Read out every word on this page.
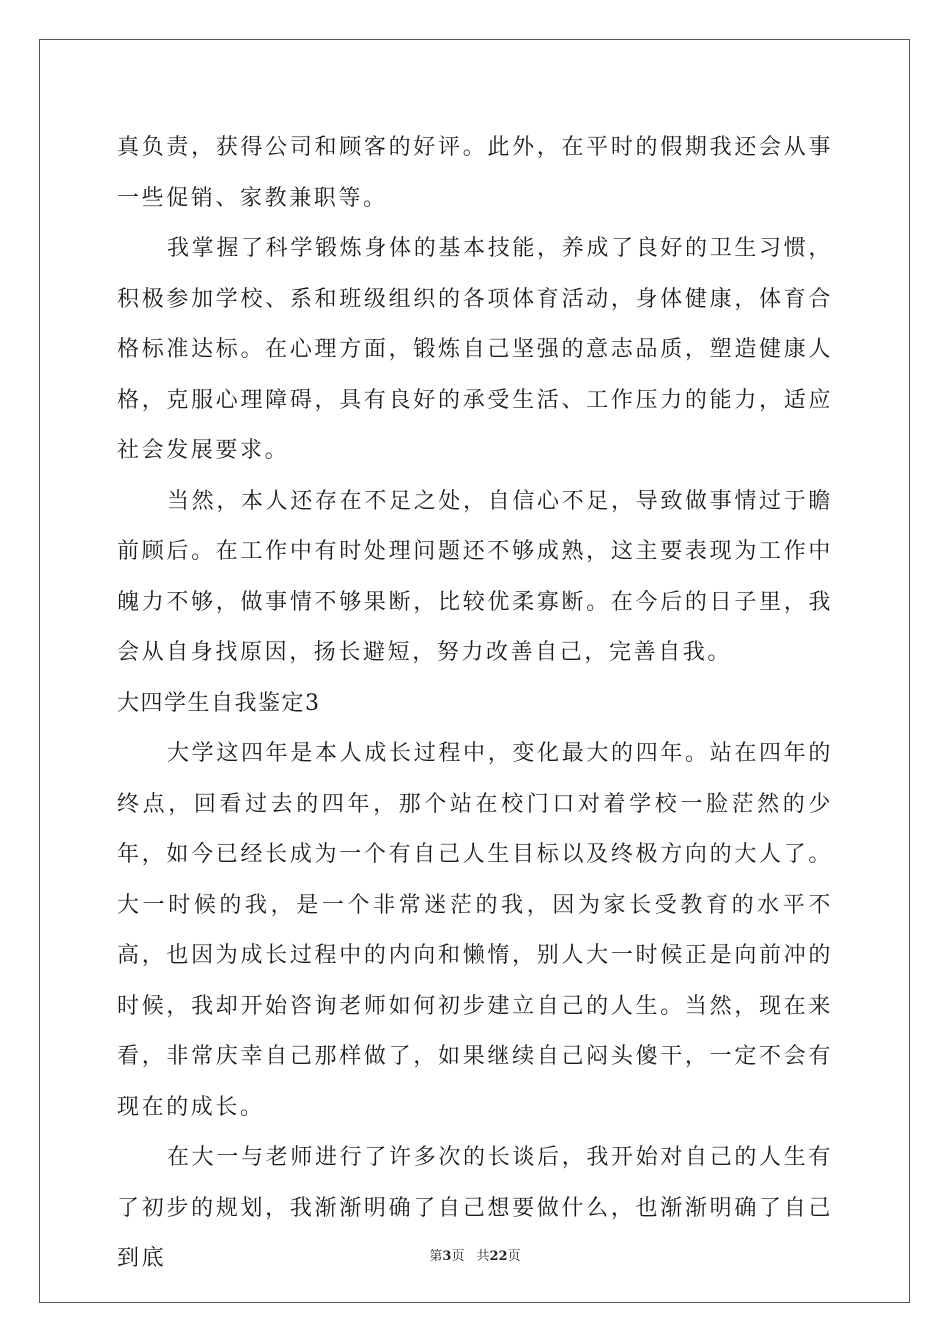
真负责，获得公司和顾客的好评。此外，在平时的假期我还会从事一些促销、家教兼职等。

我掌握了科学锻炼身体的基本技能，养成了良好的卫生习惯，积极参加学校、系和班级组织的各项体育活动，身体健康，体育合格标准达标。在心理方面，锻炼自己坚强的意志品质，塑造健康人格，克服心理障碍，具有良好的承受生活、工作压力的能力，适应社会发展要求。

当然，本人还存在不足之处，自信心不足，导致做事情过于瞻前顾后。在工作中有时处理问题还不够成熟，这主要表现为工作中魄力不够，做事情不够果断，比较优柔寡断。在今后的日子里，我会从自身找原因，扬长避短，努力改善自己，完善自我。

大四学生自我鉴定3

大学这四年是本人成长过程中，变化最大的四年。站在四年的终点，回看过去的四年，那个站在校门口对着学校一脸茫然的少年，如今已经长成为一个有自己人生目标以及终极方向的大人了。大一时候的我，是一个非常迷茫的我，因为家长受教育的水平不高，也因为成长过程中的内向和懒惰，别人大一时候正是向前冲的时候，我却开始咨询老师如何初步建立自己的人生。当然，现在来看，非常庆幸自己那样做了，如果继续自己闷头傻干，一定不会有现在的成长。

在大一与老师进行了许多次的长谈后，我开始对自己的人生有了初步的规划，我渐渐明确了自己想要做什么，也渐渐明确了自己到底	第3页 共22页
